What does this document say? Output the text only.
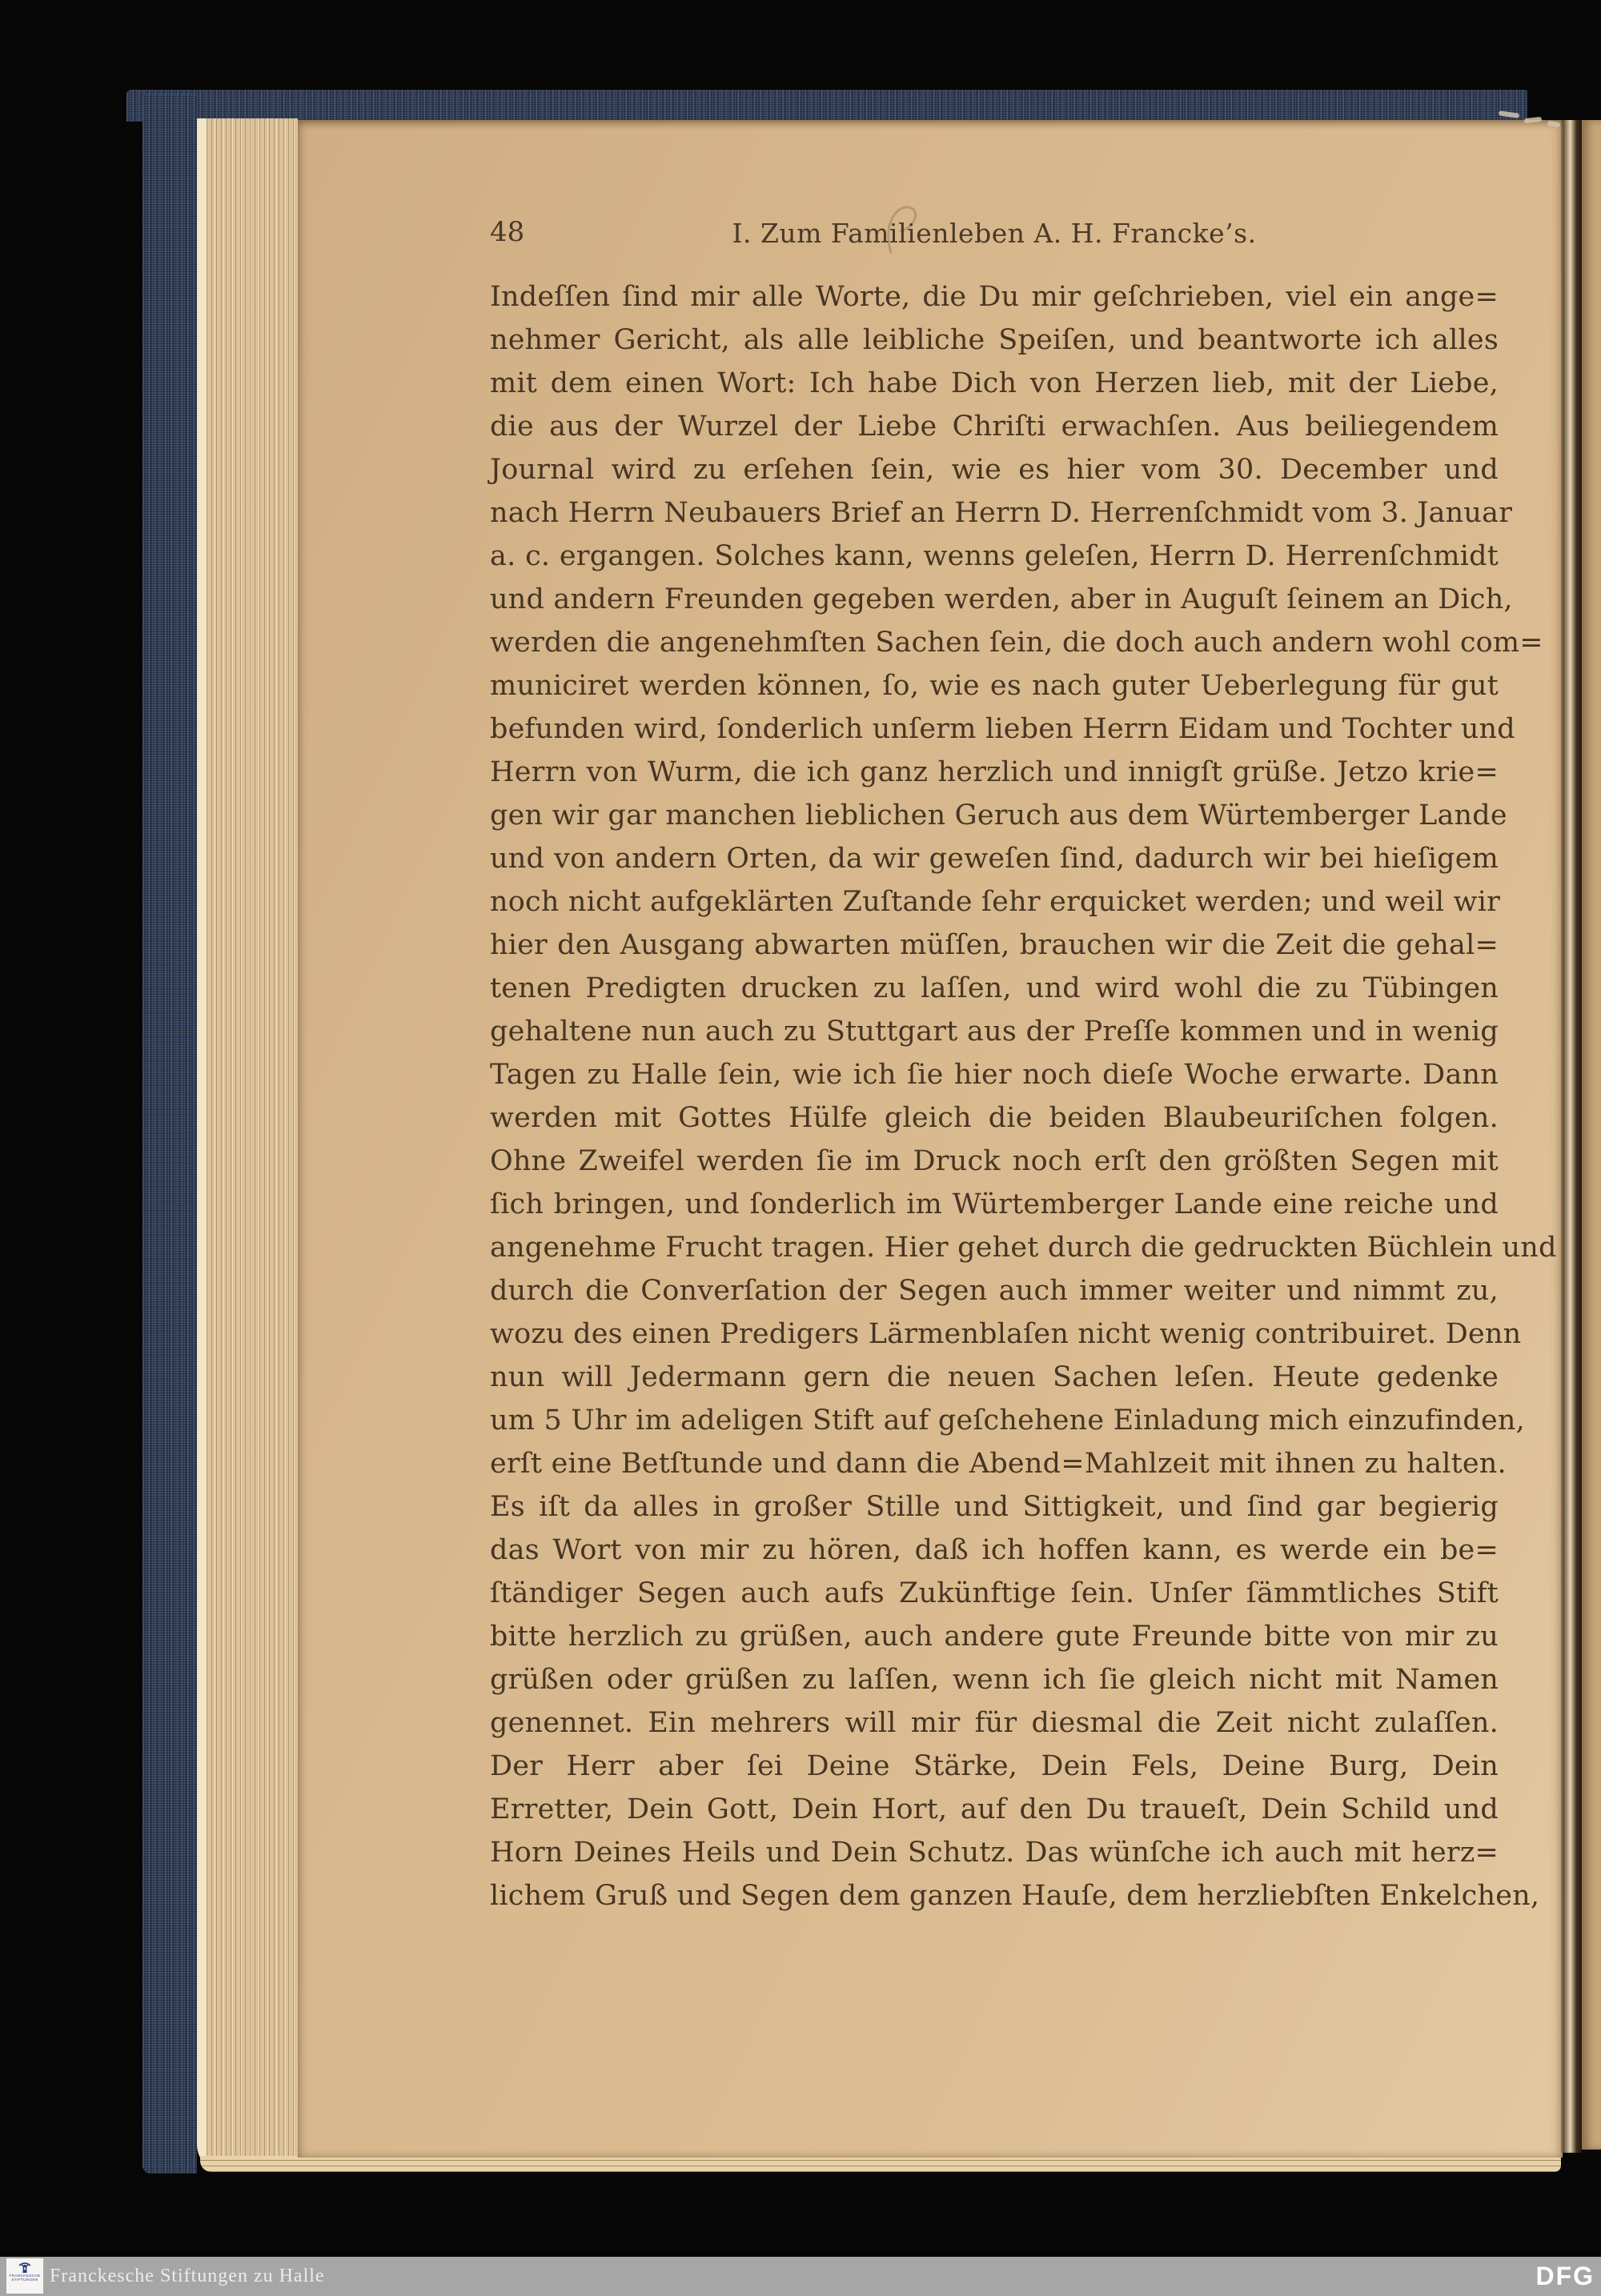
48	I. Zum Familienleben A. H. Francke’s.
Indeſſen ſind mir alle Worte, die Du mir geſchrieben, viel ein ange=
nehmer Gericht, als alle leibliche Speiſen, und beantworte ich alles
mit dem einen Wort: Ich habe Dich von Herzen lieb, mit der Liebe,
die aus der Wurzel der Liebe Chriſti erwachſen. Aus beiliegendem
Journal wird zu erſehen ſein, wie es hier vom 30. December und
nach Herrn Neubauers Brief an Herrn D. Herrenſchmidt vom 3. Januar
a. c. ergangen. Solches kann, wenns geleſen, Herrn D. Herrenſchmidt
und andern Freunden gegeben werden, aber in Auguſt ſeinem an Dich,
werden die angenehmſten Sachen ſein, die doch auch andern wohl com=
municiret werden können, ſo, wie es nach guter Ueberlegung für gut
befunden wird, ſonderlich unſerm lieben Herrn Eidam und Tochter und
Herrn von Wurm, die ich ganz herzlich und innigſt grüße. Jetzo krie=
gen wir gar manchen lieblichen Geruch aus dem Würtemberger Lande
und von andern Orten, da wir geweſen ſind, dadurch wir bei hieſigem
noch nicht aufgeklärten Zuſtande ſehr erquicket werden; und weil wir
hier den Ausgang abwarten müſſen, brauchen wir die Zeit die gehal=
tenen Predigten drucken zu laſſen, und wird wohl die zu Tübingen
gehaltene nun auch zu Stuttgart aus der Preſſe kommen und in wenig
Tagen zu Halle ſein, wie ich ſie hier noch dieſe Woche erwarte. Dann
werden mit Gottes Hülfe gleich die beiden Blaubeuriſchen folgen.
Ohne Zweifel werden ſie im Druck noch erſt den größten Segen mit
ſich bringen, und ſonderlich im Würtemberger Lande eine reiche und
angenehme Frucht tragen. Hier gehet durch die gedruckten Büchlein und
durch die Converſation der Segen auch immer weiter und nimmt zu,
wozu des einen Predigers Lärmenblaſen nicht wenig contribuiret. Denn
nun will Jedermann gern die neuen Sachen leſen. Heute gedenke
um 5 Uhr im adeligen Stift auf geſchehene Einladung mich einzufinden,
erſt eine Betſtunde und dann die Abend=Mahlzeit mit ihnen zu halten.
Es iſt da alles in großer Stille und Sittigkeit, und ſind gar begierig
das Wort von mir zu hören, daß ich hoffen kann, es werde ein be=
ſtändiger Segen auch aufs Zukünftige ſein. Unſer ſämmtliches Stift
bitte herzlich zu grüßen, auch andere gute Freunde bitte von mir zu
grüßen oder grüßen zu laſſen, wenn ich ſie gleich nicht mit Namen
genennet. Ein mehrers will mir für diesmal die Zeit nicht zulaſſen.
Der Herr aber ſei Deine Stärke, Dein Fels, Deine Burg, Dein
Erretter, Dein Gott, Dein Hort, auf den Du traueſt, Dein Schild und
Horn Deines Heils und Dein Schutz. Das wünſche ich auch mit herz=
lichem Gruß und Segen dem ganzen Hauſe, dem herzliebſten Enkelchen,
FRANCKESCHE
STIFTUNGEN Franckesche Stiftungen zu Halle	DFG
